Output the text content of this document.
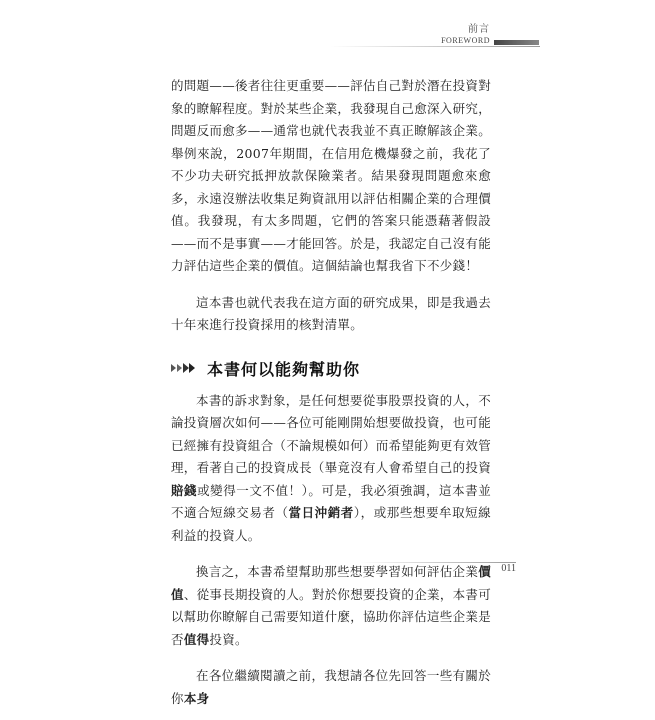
前言
FOREWORD

的問題——後者往往更重要——評估自己對於潛在投資對象的瞭解程度。對於某些企業，我發現自己愈深入研究，問題反而愈多——通常也就代表我並不真正瞭解該企業。舉例來說，2007年期間，在信用危機爆發之前，我花了不少功夫研究抵押放款保險業者。結果發現問題愈來愈多，永遠沒辦法收集足夠資訊用以評估相關企業的合理價值。我發現，有太多問題，它們的答案只能憑藉著假設——而不是事實——才能回答。於是，我認定自己沒有能力評估這些企業的價值。這個結論也幫我省下不少錢！

這本書也就代表我在這方面的研究成果，即是我過去十年來進行投資採用的核對清單。

本書何以能夠幫助你

本書的訴求對象，是任何想要從事股票投資的人，不論投資層次如何——各位可能剛開始想要做投資，也可能已經擁有投資組合（不論規模如何）而希望能夠更有效管理，看著自己的投資成長（畢竟沒有人會希望自己的投資賠錢或變得一文不值！）。可是，我必須強調，這本書並不適合短線交易者（當日沖銷者），或那些想要牟取短線利益的投資人。

換言之，本書希望幫助那些想要學習如何評估企業價值、從事長期投資的人。對於你想要投資的企業，本書可以幫助你瞭解自己需要知道什麼，協助你評估這些企業是否值得投資。

在各位繼續閱讀之前，我想請各位先回答一些有關於你本身

011
